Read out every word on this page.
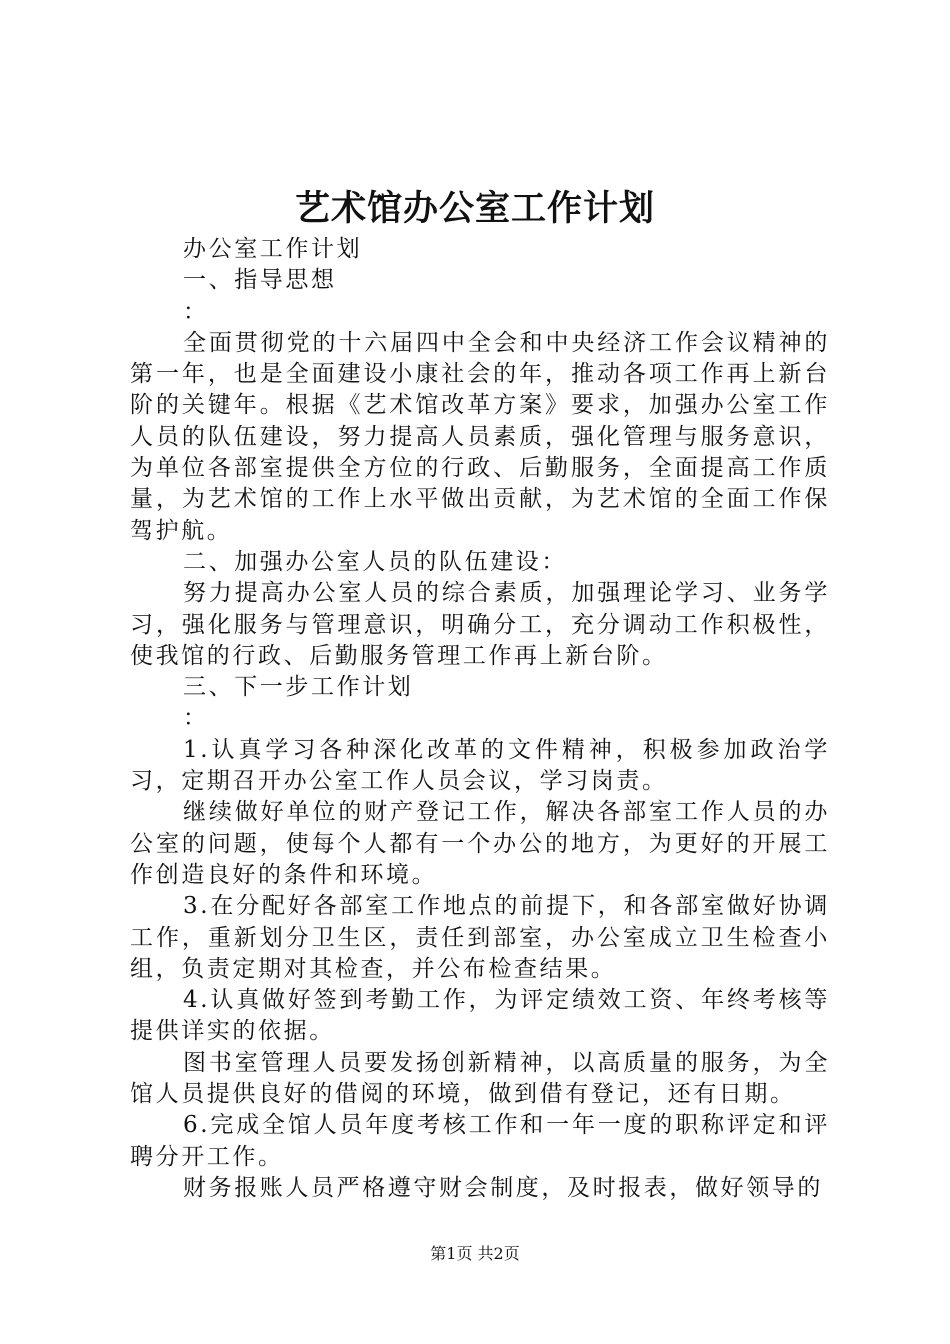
艺术馆办公室工作计划

办公室工作计划

一、指导思想

：

全面贯彻党的十六届四中全会和中央经济工作会议精神的第一年，也是全面建设小康社会的年，推动各项工作再上新台阶的关键年。根据《艺术馆改革方案》要求，加强办公室工作人员的队伍建设，努力提高人员素质，强化管理与服务意识，为单位各部室提供全方位的行政、后勤服务，全面提高工作质量，为艺术馆的工作上水平做出贡献，为艺术馆的全面工作保驾护航。

二、加强办公室人员的队伍建设：

努力提高办公室人员的综合素质，加强理论学习、业务学习，强化服务与管理意识，明确分工，充分调动工作积极性，使我馆的行政、后勤服务管理工作再上新台阶。

三、下一步工作计划

：

1.认真学习各种深化改革的文件精神，积极参加政治学习，定期召开办公室工作人员会议，学习岗责。

继续做好单位的财产登记工作，解决各部室工作人员的办公室的问题，使每个人都有一个办公的地方，为更好的开展工作创造良好的条件和环境。

3.在分配好各部室工作地点的前提下，和各部室做好协调工作，重新划分卫生区，责任到部室，办公室成立卫生检查小组，负责定期对其检查，并公布检查结果。

4.认真做好签到考勤工作，为评定绩效工资、年终考核等提供详实的依据。

图书室管理人员要发扬创新精神，以高质量的服务，为全馆人员提供良好的借阅的环境，做到借有登记，还有日期。

6.完成全馆人员年度考核工作和一年一度的职称评定和评聘分开工作。

财务报账人员严格遵守财会制度，及时报表，做好领导的

第1页 共2页
